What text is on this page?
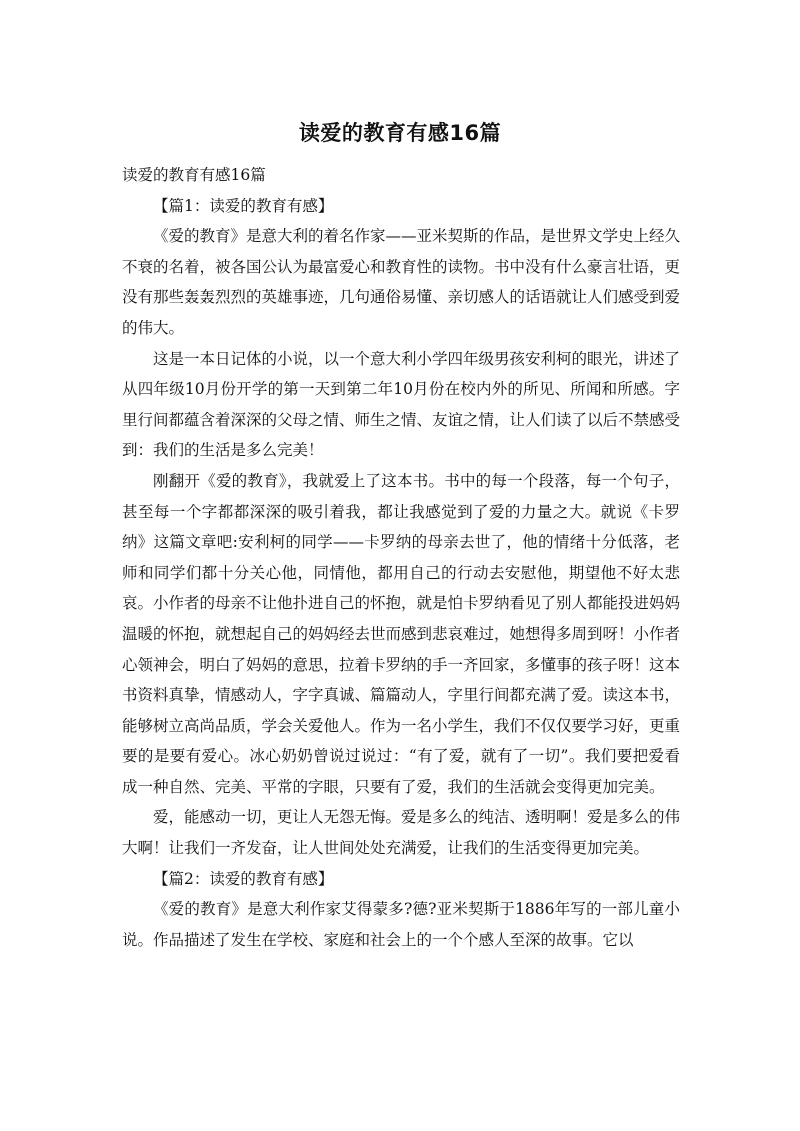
读爱的教育有感16篇

读爱的教育有感16篇

【篇1：读爱的教育有感】

《爱的教育》是意大利的着名作家——亚米契斯的作品，是世界文学史上经久不衰的名着，被各国公认为最富爱心和教育性的读物。书中没有什么豪言壮语，更没有那些轰轰烈烈的英雄事迹，几句通俗易懂、亲切感人的话语就让人们感受到爱的伟大。

这是一本日记体的小说，以一个意大利小学四年级男孩安利柯的眼光，讲述了从四年级10月份开学的第一天到第二年10月份在校内外的所见、所闻和所感。字里行间都蕴含着深深的父母之情、师生之情、友谊之情，让人们读了以后不禁感受到：我们的生活是多么完美！

刚翻开《爱的教育》，我就爱上了这本书。书中的每一个段落，每一个句子，甚至每一个字都都深深的吸引着我，都让我感觉到了爱的力量之大。就说《卡罗纳》这篇文章吧:安利柯的同学——卡罗纳的母亲去世了，他的情绪十分低落，老师和同学们都十分关心他，同情他，都用自己的行动去安慰他，期望他不好太悲哀。小作者的母亲不让他扑进自己的怀抱，就是怕卡罗纳看见了别人都能投进妈妈温暖的怀抱，就想起自己的妈妈经去世而感到悲哀难过，她想得多周到呀！小作者心领神会，明白了妈妈的意思，拉着卡罗纳的手一齐回家，多懂事的孩子呀！这本书资料真挚，情感动人，字字真诚、篇篇动人，字里行间都充满了爱。读这本书，能够树立高尚品质，学会关爱他人。作为一名小学生，我们不仅仅要学习好，更重要的是要有爱心。冰心奶奶曾说过说过：“有了爱，就有了一切”。我们要把爱看成一种自然、完美、平常的字眼，只要有了爱，我们的生活就会变得更加完美。

爱，能感动一切，更让人无怨无悔。爱是多么的纯洁、透明啊！爱是多么的伟大啊！让我们一齐发奋，让人世间处处充满爱，让我们的生活变得更加完美。

【篇2：读爱的教育有感】

《爱的教育》是意大利作家艾得蒙多?德?亚米契斯于1886年写的一部儿童小说。作品描述了发生在学校、家庭和社会上的一个个感人至深的故事。它以
